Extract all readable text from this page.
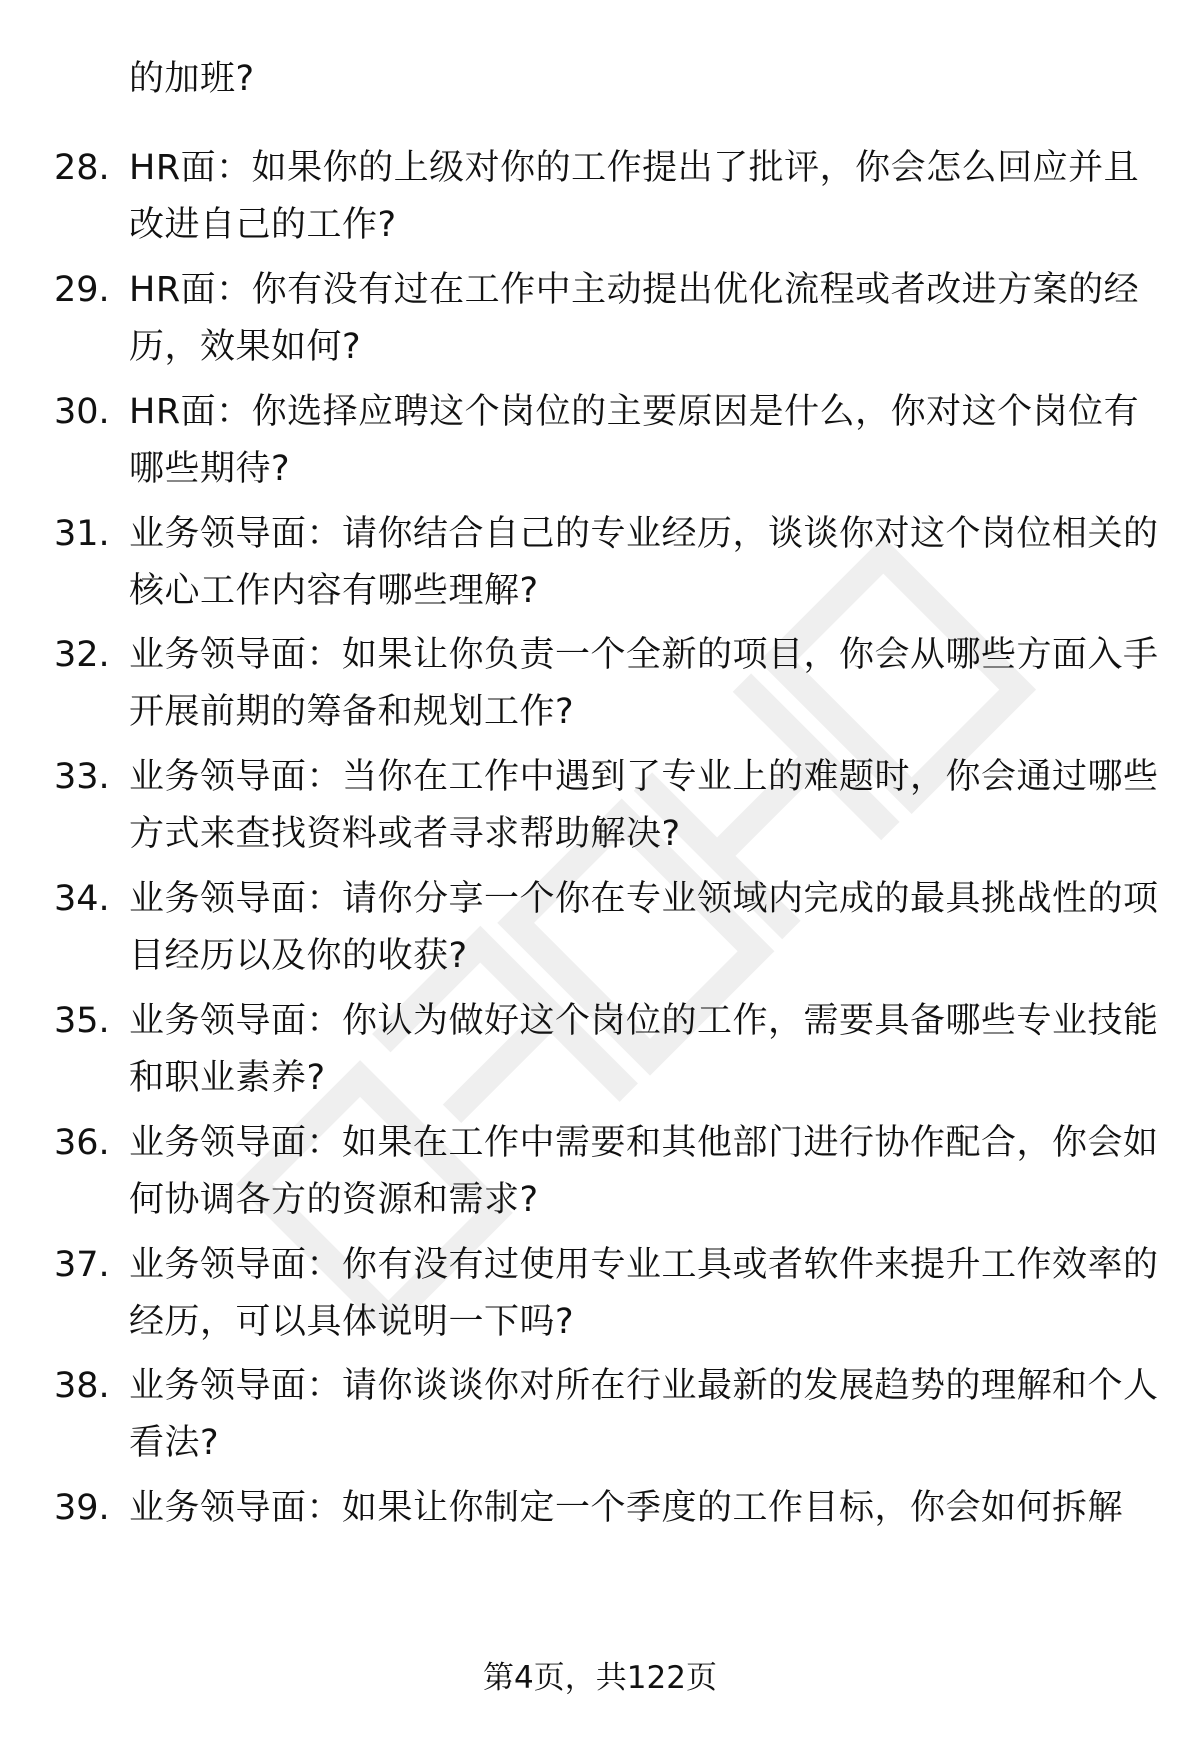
的加班?
28. HR面：如果你的上级对你的工作提出了批评，你会怎么回应并且改进自己的工作?
29. HR面：你有没有过在工作中主动提出优化流程或者改进方案的经历，效果如何?
30. HR面：你选择应聘这个岗位的主要原因是什么，你对这个岗位有哪些期待?
31. 业务领导面：请你结合自己的专业经历，谈谈你对这个岗位相关的核心工作内容有哪些理解?
32. 业务领导面：如果让你负责一个全新的项目，你会从哪些方面入手开展前期的筹备和规划工作?
33. 业务领导面：当你在工作中遇到了专业上的难题时，你会通过哪些方式来查找资料或者寻求帮助解决?
34. 业务领导面：请你分享一个你在专业领域内完成的最具挑战性的项目经历以及你的收获?
35. 业务领导面：你认为做好这个岗位的工作，需要具备哪些专业技能和职业素养?
36. 业务领导面：如果在工作中需要和其他部门进行协作配合，你会如何协调各方的资源和需求?
37. 业务领导面：你有没有过使用专业工具或者软件来提升工作效率的经历，可以具体说明一下吗?
38. 业务领导面：请你谈谈你对所在行业最新的发展趋势的理解和个人看法?
39. 业务领导面：如果让你制定一个季度的工作目标，你会如何拆解
第4页，共122页
